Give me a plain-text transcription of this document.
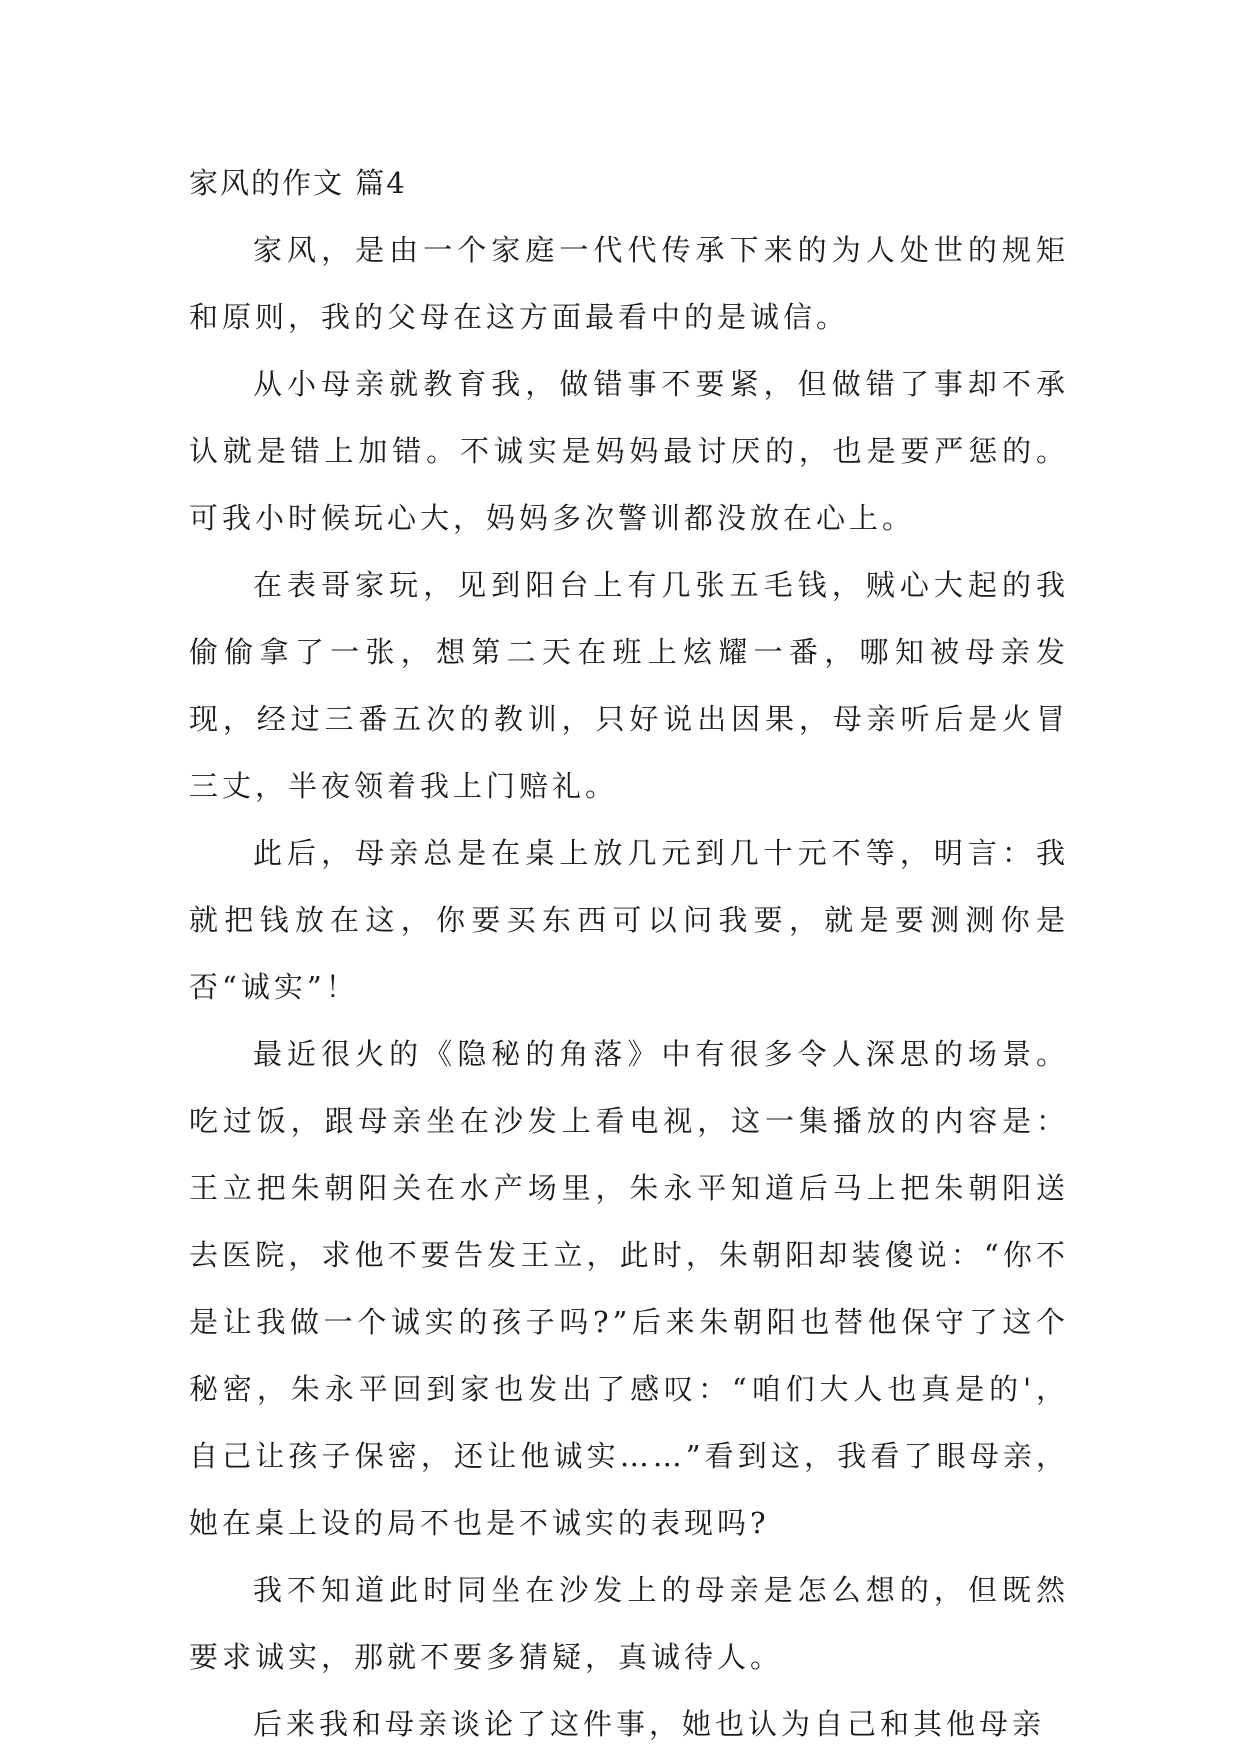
家风的作文 篇4

家风，是由一个家庭一代代传承下来的为人处世的规矩和原则，我的父母在这方面最看中的是诚信。

从小母亲就教育我，做错事不要紧，但做错了事却不承认就是错上加错。不诚实是妈妈最讨厌的，也是要严惩的。可我小时候玩心大，妈妈多次警训都没放在心上。

在表哥家玩，见到阳台上有几张五毛钱，贼心大起的我偷偷拿了一张，想第二天在班上炫耀一番，哪知被母亲发现，经过三番五次的教训，只好说出因果，母亲听后是火冒三丈，半夜领着我上门赔礼。

此后，母亲总是在桌上放几元到几十元不等，明言：我就把钱放在这，你要买东西可以问我要，就是要测测你是否“诚实”！

最近很火的《隐秘的角落》中有很多令人深思的场景。吃过饭，跟母亲坐在沙发上看电视，这一集播放的内容是：王立把朱朝阳关在水产场里，朱永平知道后马上把朱朝阳送去医院，求他不要告发王立，此时，朱朝阳却装傻说：“你不是让我做一个诚实的孩子吗?”后来朱朝阳也替他保守了这个秘密，朱永平回到家也发出了感叹：“咱们大人也真是的'，自己让孩子保密，还让他诚实……”看到这，我看了眼母亲，她在桌上设的局不也是不诚实的表现吗?

我不知道此时同坐在沙发上的母亲是怎么想的，但既然要求诚实，那就不要多猜疑，真诚待人。

后来我和母亲谈论了这件事，她也认为自己和其他母亲
